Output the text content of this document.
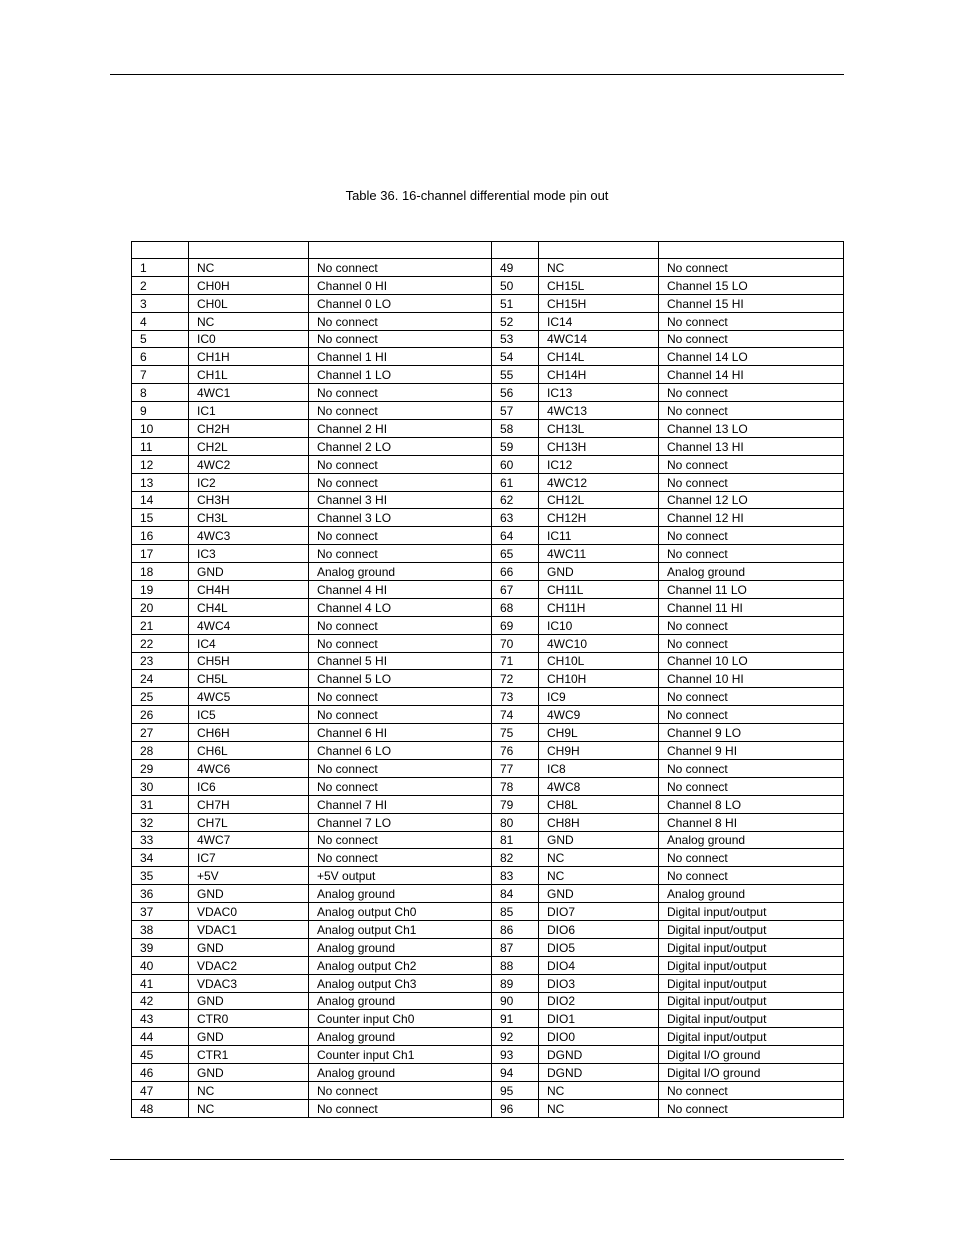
Table 36. 16-channel differential mode pin out

1	NC	No connect	49	NC	No connect
2	CH0H	Channel 0 HI	50	CH15L	Channel 15 LO
3	CH0L	Channel 0 LO	51	CH15H	Channel 15 HI
4	NC	No connect	52	IC14	No connect
5	IC0	No connect	53	4WC14	No connect
6	CH1H	Channel 1 HI	54	CH14L	Channel 14 LO
7	CH1L	Channel 1 LO	55	CH14H	Channel 14 HI
8	4WC1	No connect	56	IC13	No connect
9	IC1	No connect	57	4WC13	No connect
10	CH2H	Channel 2 HI	58	CH13L	Channel 13 LO
11	CH2L	Channel 2 LO	59	CH13H	Channel 13 HI
12	4WC2	No connect	60	IC12	No connect
13	IC2	No connect	61	4WC12	No connect
14	CH3H	Channel 3 HI	62	CH12L	Channel 12 LO
15	CH3L	Channel 3 LO	63	CH12H	Channel 12 HI
16	4WC3	No connect	64	IC11	No connect
17	IC3	No connect	65	4WC11	No connect
18	GND	Analog ground	66	GND	Analog ground
19	CH4H	Channel 4 HI	67	CH11L	Channel 11 LO
20	CH4L	Channel 4 LO	68	CH11H	Channel 11 HI
21	4WC4	No connect	69	IC10	No connect
22	IC4	No connect	70	4WC10	No connect
23	CH5H	Channel 5 HI	71	CH10L	Channel 10 LO
24	CH5L	Channel 5 LO	72	CH10H	Channel 10 HI
25	4WC5	No connect	73	IC9	No connect
26	IC5	No connect	74	4WC9	No connect
27	CH6H	Channel 6 HI	75	CH9L	Channel 9 LO
28	CH6L	Channel 6 LO	76	CH9H	Channel 9 HI
29	4WC6	No connect	77	IC8	No connect
30	IC6	No connect	78	4WC8	No connect
31	CH7H	Channel 7 HI	79	CH8L	Channel 8 LO
32	CH7L	Channel 7 LO	80	CH8H	Channel 8 HI
33	4WC7	No connect	81	GND	Analog ground
34	IC7	No connect	82	NC	No connect
35	+5V	+5V output	83	NC	No connect
36	GND	Analog ground	84	GND	Analog ground
37	VDAC0	Analog output Ch0	85	DIO7	Digital input/output
38	VDAC1	Analog output Ch1	86	DIO6	Digital input/output
39	GND	Analog ground	87	DIO5	Digital input/output
40	VDAC2	Analog output Ch2	88	DIO4	Digital input/output
41	VDAC3	Analog output Ch3	89	DIO3	Digital input/output
42	GND	Analog ground	90	DIO2	Digital input/output
43	CTR0	Counter input Ch0	91	DIO1	Digital input/output
44	GND	Analog ground	92	DIO0	Digital input/output
45	CTR1	Counter input Ch1	93	DGND	Digital I/O ground
46	GND	Analog ground	94	DGND	Digital I/O ground
47	NC	No connect	95	NC	No connect
48	NC	No connect	96	NC	No connect
